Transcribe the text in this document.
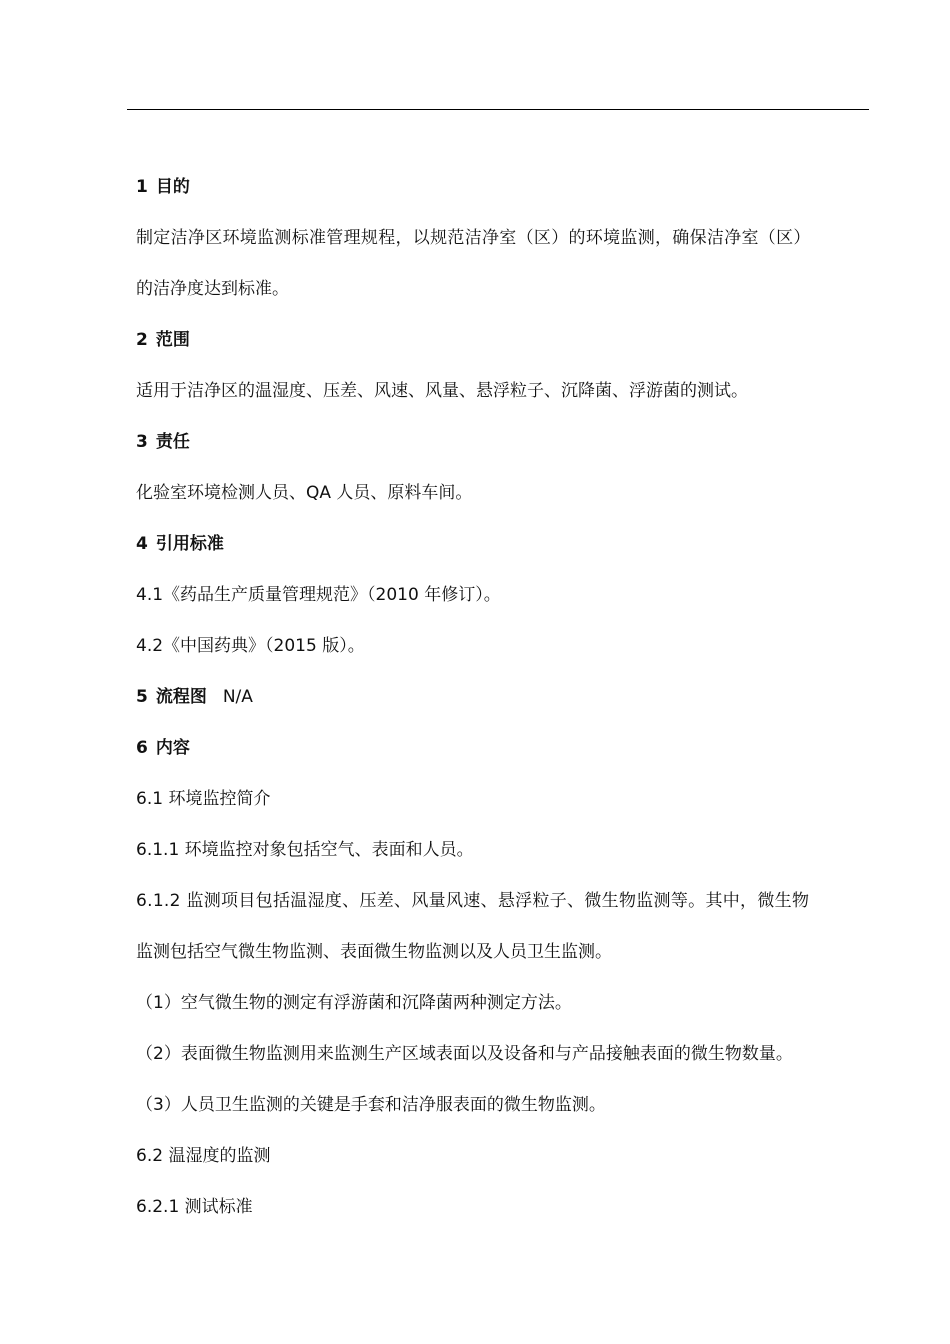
1 目的
制定洁净区环境监测标准管理规程，以规范洁净室（区）的环境监测，确保洁净室（区）
的洁净度达到标准。
2 范围
适用于洁净区的温湿度、压差、风速、风量、悬浮粒子、沉降菌、浮游菌的测试。
3 责任
化验室环境检测人员、QA 人员、原料车间。
4 引用标准
4.1《药品生产质量管理规范》（2010 年修订）。
4.2《中国药典》（2015 版）。
5 流程图 N/A
6 内容
6.1 环境监控简介
6.1.1 环境监控对象包括空气、表面和人员。
6.1.2 监测项目包括温湿度、压差、风量风速、悬浮粒子、微生物监测等。其中，微生物
监测包括空气微生物监测、表面微生物监测以及人员卫生监测。
（1）空气微生物的测定有浮游菌和沉降菌两种测定方法。
（2）表面微生物监测用来监测生产区域表面以及设备和与产品接触表面的微生物数量。
（3）人员卫生监测的关键是手套和洁净服表面的微生物监测。
6.2 温湿度的监测
6.2.1 测试标准
